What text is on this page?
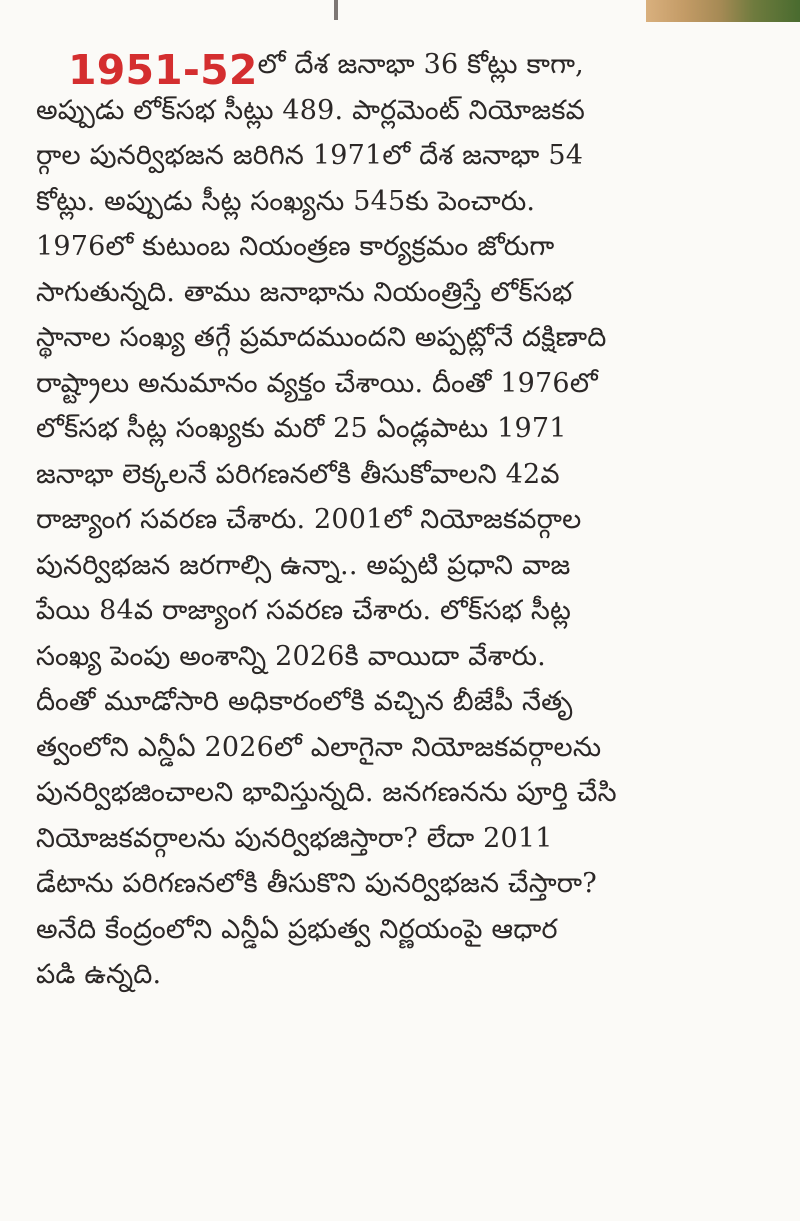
1951-52లో దేశ జనాభా 36 కోట్లు కాగా,
అప్పుడు లోక్‌సభ సీట్లు 489. పార్లమెంట్ నియోజకవ
ర్గాల పునర్విభజన జరిగిన 1971లో దేశ జనాభా 54
కోట్లు. అప్పుడు సీట్ల సంఖ్యను 545కు పెంచారు.
1976లో కుటుంబ నియంత్రణ కార్యక్రమం జోరుగా
సాగుతున్నది. తాము జనాభాను నియంత్రిస్తే లోక్‌సభ
స్థానాల సంఖ్య తగ్గే ప్రమాదముందని అప్పట్లోనే దక్షిణాది
రాష్ట్రాలు అనుమానం వ్యక్తం చేశాయి. దీంతో 1976లో
లోక్‌సభ సీట్ల సంఖ్యకు మరో 25 ఏండ్లపాటు 1971
జనాభా లెక్కలనే పరిగణనలోకి తీసుకోవాలని 42వ
రాజ్యాంగ సవరణ చేశారు. 2001లో నియోజకవర్గాల
పునర్విభజన జరగాల్సి ఉన్నా.. అప్పటి ప్రధాని వాజ
పేయి 84వ రాజ్యాంగ సవరణ చేశారు. లోక్‌సభ సీట్ల
సంఖ్య పెంపు అంశాన్ని 2026కి వాయిదా వేశారు.
దీంతో మూడోసారి అధికారంలోకి వచ్చిన బీజేపీ నేతృ
త్వంలోని ఎన్డీఏ 2026లో ఎలాగైనా నియోజకవర్గాలను
పునర్విభజించాలని భావిస్తున్నది. జనగణనను పూర్తి చేసి
నియోజకవర్గాలను పునర్విభజిస్తారా? లేదా 2011
డేటాను పరిగణనలోకి తీసుకొని పునర్విభజన చేస్తారా?
అనేది కేంద్రంలోని ఎన్డీఏ ప్రభుత్వ నిర్ణయంపై ఆధార
పడి ఉన్నది.
